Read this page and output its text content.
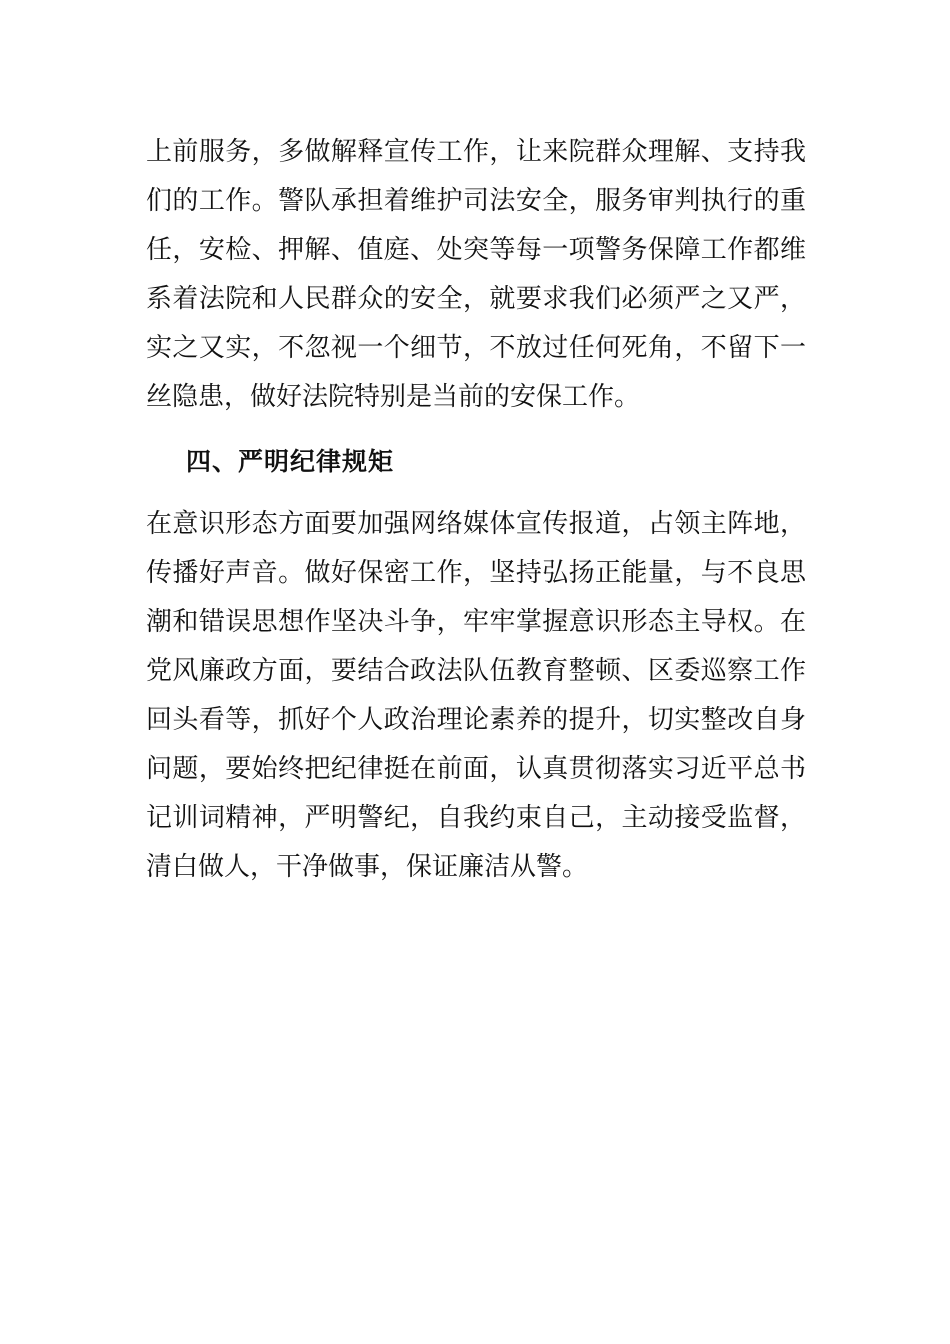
上前服务，多做解释宣传工作，让来院群众理解、支持我
们的工作。警队承担着维护司法安全，服务审判执行的重
任，安检、押解、值庭、处突等每一项警务保障工作都维
系着法院和人民群众的安全，就要求我们必须严之又严，
实之又实，不忽视一个细节，不放过任何死角，不留下一
丝隐患，做好法院特别是当前的安保工作。
四、严明纪律规矩
在意识形态方面要加强网络媒体宣传报道，占领主阵地，
传播好声音。做好保密工作，坚持弘扬正能量，与不良思
潮和错误思想作坚决斗争，牢牢掌握意识形态主导权。在
党风廉政方面，要结合政法队伍教育整顿、区委巡察工作
回头看等，抓好个人政治理论素养的提升，切实整改自身
问题，要始终把纪律挺在前面，认真贯彻落实习近平总书
记训词精神，严明警纪，自我约束自己，主动接受监督，
清白做人，干净做事，保证廉洁从警。
